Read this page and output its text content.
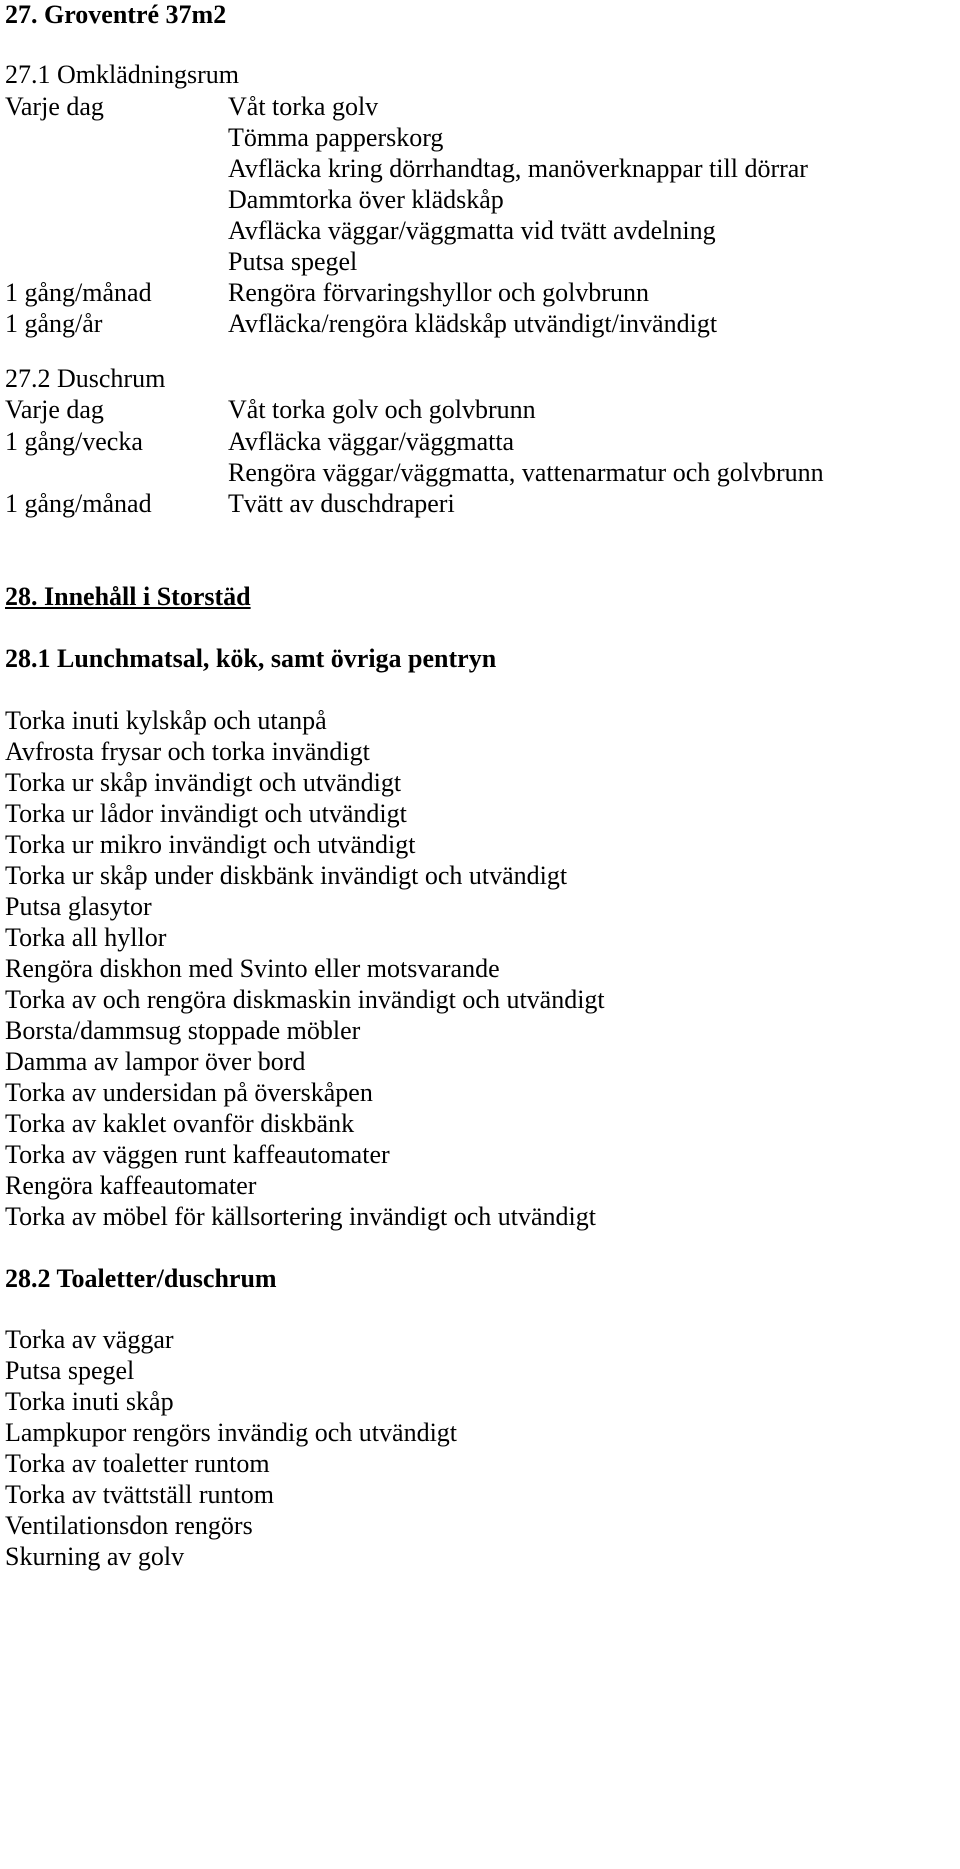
27. Groventré 37m2
27.1 Omklädningsrum
Varje dag	Våt torka golv
Tömma papperskorg
Avfläcka kring dörrhandtag, manöverknappar till dörrar
Dammtorka över klädskåp
Avfläcka väggar/väggmatta vid tvätt avdelning
Putsa spegel
1 gång/månad	Rengöra förvaringshyllor och golvbrunn
1 gång/år	Avfläcka/rengöra klädskåp utvändigt/invändigt
27.2 Duschrum
Varje dag	Våt torka golv och golvbrunn
1 gång/vecka	Avfläcka väggar/väggmatta
Rengöra väggar/väggmatta, vattenarmatur och golvbrunn
1 gång/månad	Tvätt av duschdraperi
28. Innehåll i Storstäd
28.1 Lunchmatsal, kök, samt övriga pentryn
Torka inuti kylskåp och utanpå
Avfrosta frysar och torka invändigt
Torka ur skåp invändigt och utvändigt
Torka ur lådor invändigt och utvändigt
Torka ur mikro invändigt och utvändigt
Torka ur skåp under diskbänk invändigt och utvändigt
Putsa glasytor
Torka all hyllor
Rengöra diskhon med Svinto eller motsvarande
Torka av och rengöra diskmaskin invändigt och utvändigt
Borsta/dammsug stoppade möbler
Damma av lampor över bord
Torka av undersidan på överskåpen
Torka av kaklet ovanför diskbänk
Torka av väggen runt kaffeautomater
Rengöra kaffeautomater
Torka av möbel för källsortering invändigt och utvändigt
28.2 Toaletter/duschrum
Torka av väggar
Putsa spegel
Torka inuti skåp
Lampkupor rengörs invändig och utvändigt
Torka av toaletter runtom
Torka av tvättställ runtom
Ventilationsdon rengörs
Skurning av golv
